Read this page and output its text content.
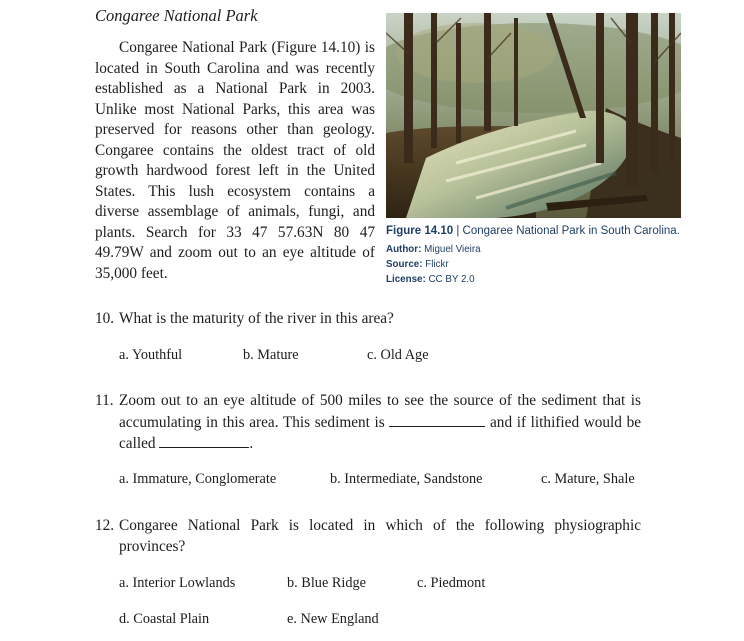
Congaree National Park
Congaree National Park (Figure 14.10) is located in South Carolina and was recently established as a National Park in 2003. Unlike most National Parks, this area was preserved for reasons other than geology. Congaree contains the oldest tract of old growth hardwood forest left in the United States. This lush ecosystem contains a diverse assemblage of animals, fungi, and plants. Search for 33 47 57.63N 80 47 49.79W and zoom out to an eye altitude of 35,000 feet.
Figure 14.10 | Congaree National Park in South Carolina.
Author: Miguel Vieira
Source: Flickr
License: CC BY 2.0
10. What is the maturity of the river in this area?
a. Youthful	b. Mature	c. Old Age
11. Zoom out to an eye altitude of 500 miles to see the source of the sediment that is accumulating in this area. This sediment is	and if lithified would be called	.
a. Immature, Conglomerate	b. Intermediate, Sandstone	c. Mature, Shale
12. Congaree National Park is located in which of the following physiographic provinces?
a. Interior Lowlands	b. Blue Ridge	c. Piedmont
d. Coastal Plain	e. New England
